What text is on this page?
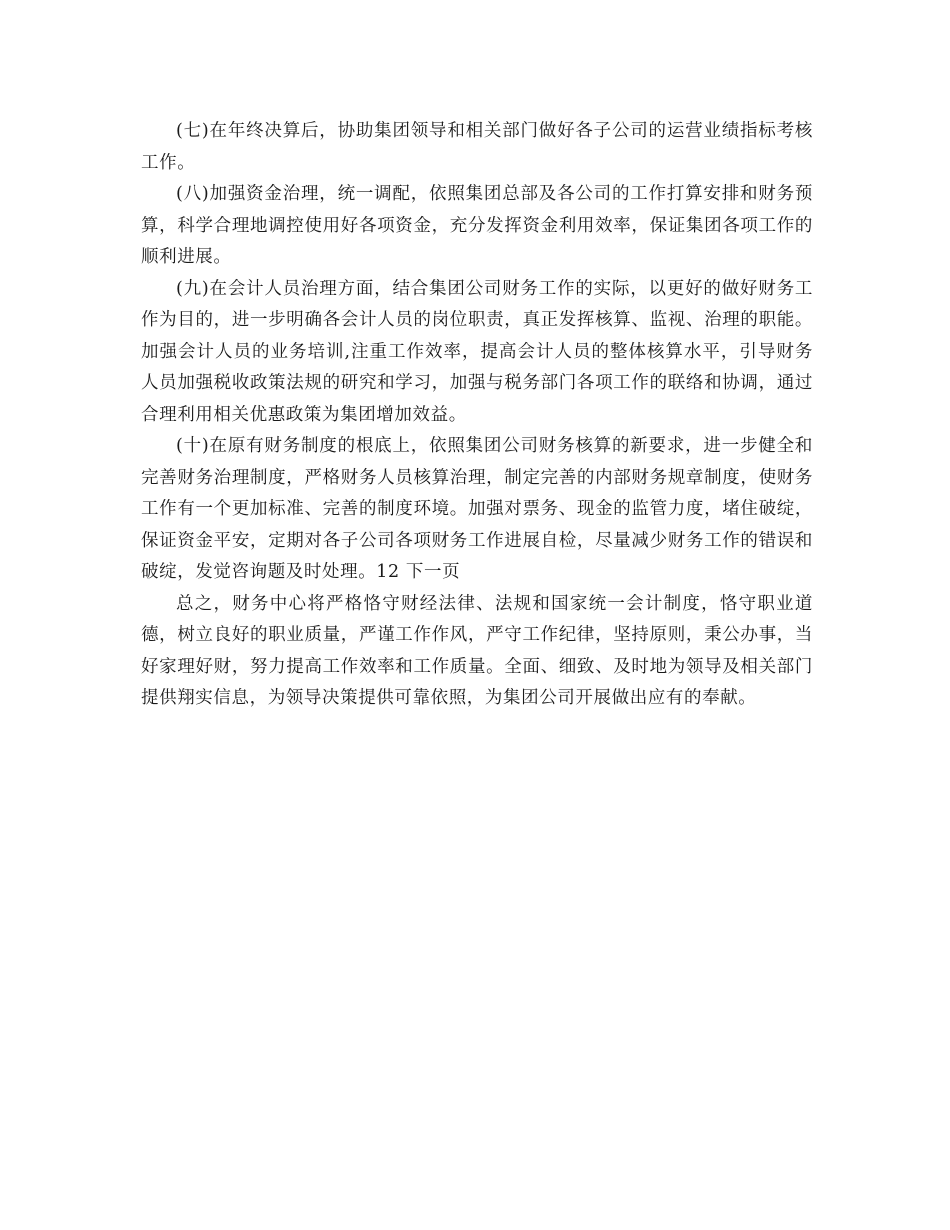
(七)在年终决算后，协助集团领导和相关部门做好各子公司的运营业绩指标考核工作。

(八)加强资金治理，统一调配，依照集团总部及各公司的工作打算安排和财务预算，科学合理地调控使用好各项资金，充分发挥资金利用效率，保证集团各项工作的顺利进展。

(九)在会计人员治理方面，结合集团公司财务工作的实际，以更好的做好财务工作为目的，进一步明确各会计人员的岗位职责，真正发挥核算、监视、治理的职能。加强会计人员的业务培训,注重工作效率，提高会计人员的整体核算水平，引导财务人员加强税收政策法规的研究和学习，加强与税务部门各项工作的联络和协调，通过合理利用相关优惠政策为集团增加效益。

(十)在原有财务制度的根底上，依照集团公司财务核算的新要求，进一步健全和完善财务治理制度，严格财务人员核算治理，制定完善的内部财务规章制度，使财务工作有一个更加标准、完善的制度环境。加强对票务、现金的监管力度，堵住破绽，保证资金平安，定期对各子公司各项财务工作进展自检，尽量减少财务工作的错误和破绽，发觉咨询题及时处理。12 下一页

总之，财务中心将严格恪守财经法律、法规和国家统一会计制度，恪守职业道德，树立良好的职业质量，严谨工作作风，严守工作纪律，坚持原则，秉公办事，当好家理好财，努力提高工作效率和工作质量。全面、细致、及时地为领导及相关部门提供翔实信息，为领导决策提供可靠依照，为集团公司开展做出应有的奉献。
